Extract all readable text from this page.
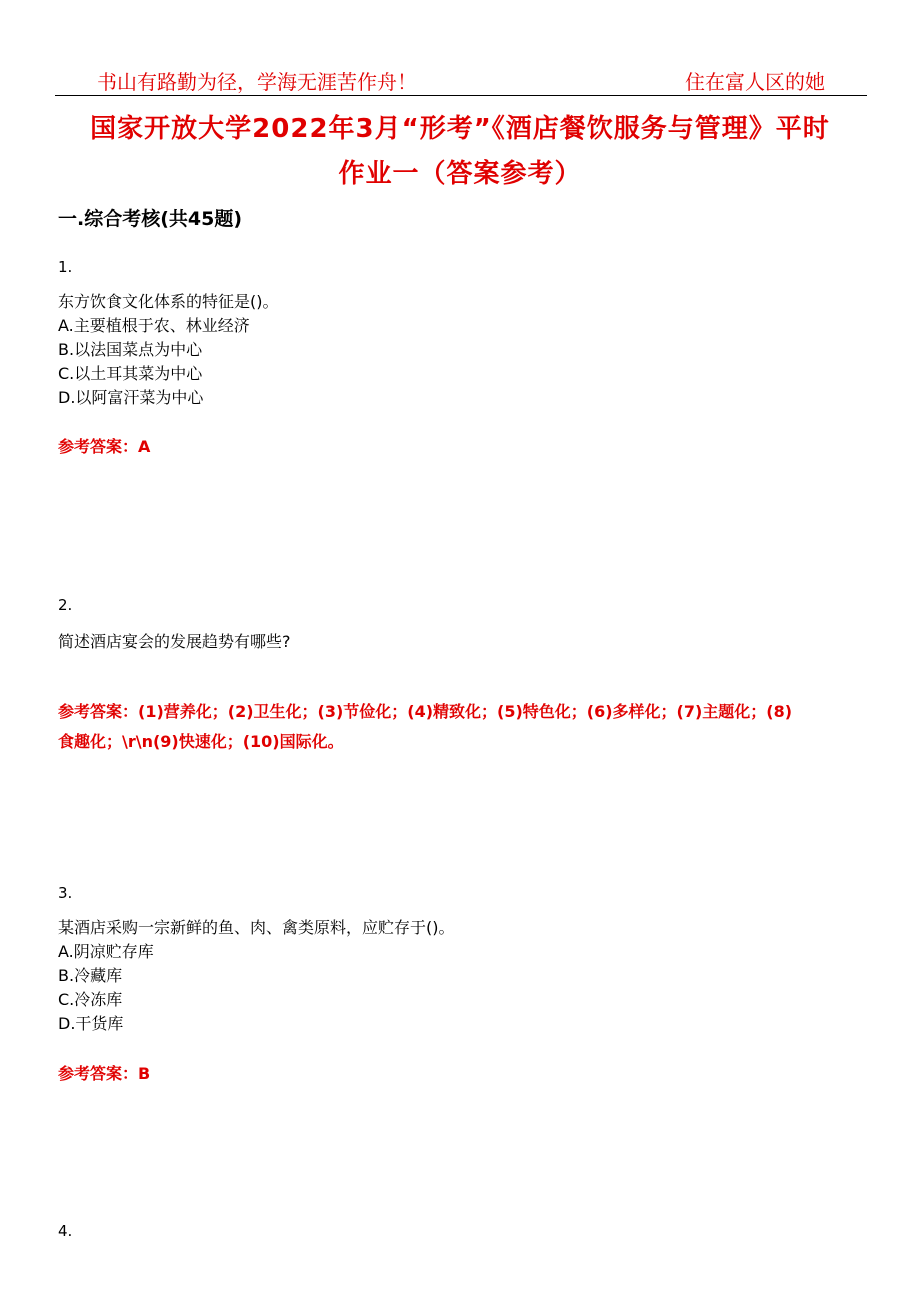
书山有路勤为径，学海无涯苦作舟！	住在富人区的她
国家开放大学2022年3月“形考”《酒店餐饮服务与管理》平时
作业一（答案参考）
一.综合考核(共45题)
1.
东方饮食文化体系的特征是()。
A.主要植根于农、林业经济
B.以法国菜点为中心
C.以土耳其菜为中心
D.以阿富汗菜为中心
参考答案：A
2.
简述酒店宴会的发展趋势有哪些?
参考答案：(1)营养化；(2)卫生化；(3)节俭化；(4)精致化；(5)特色化；(6)多样化；(7)主题化；(8)
食趣化；\r\n(9)快速化；(10)国际化。
3.
某酒店采购一宗新鲜的鱼、肉、禽类原料，应贮存于()。
A.阴凉贮存库
B.冷藏库
C.冷冻库
D.干货库
参考答案：B
4.
